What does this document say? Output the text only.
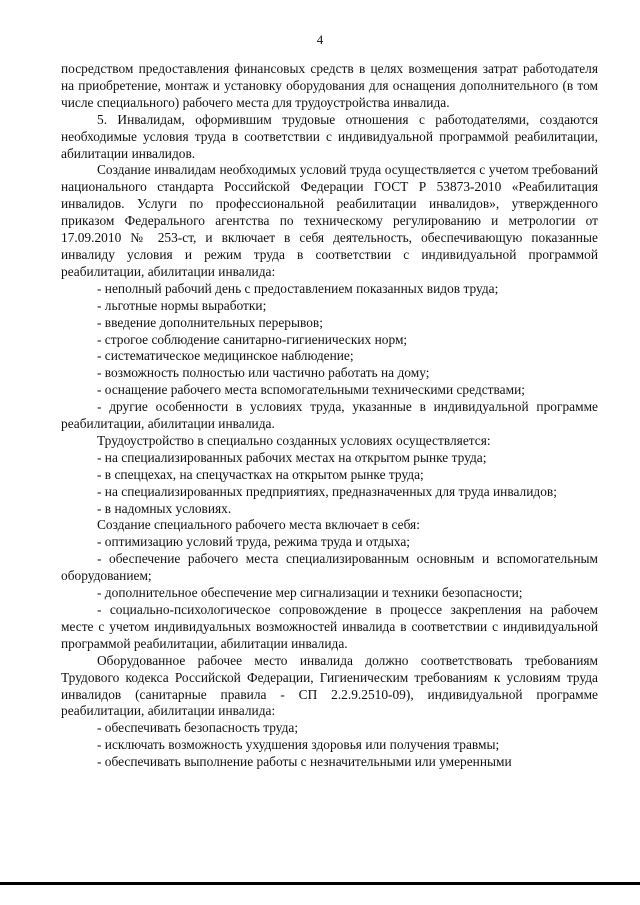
4

посредством предоставления финансовых средств в целях возмещения затрат работодателя на приобретение, монтаж и установку оборудования для оснащения дополнительного (в том числе специального) рабочего места для трудоустройства инвалида.

5. Инвалидам, оформившим трудовые отношения с работодателями, создаются необходимые условия труда в соответствии с индивидуальной программой реабилитации, абилитации инвалидов.

Создание инвалидам необходимых условий труда осуществляется с учетом требований национального стандарта Российской Федерации ГОСТ Р 53873-2010 «Реабилитация инвалидов. Услуги по профессиональной реабилитации инвалидов», утвержденного приказом Федерального агентства по техническому регулированию и метрологии от 17.09.2010 № 253-ст, и включает в себя деятельность, обеспечивающую показанные инвалиду условия и режим труда в соответствии с индивидуальной программой реабилитации, абилитации инвалида:

- неполный рабочий день с предоставлением показанных видов труда;

- льготные нормы выработки;

- введение дополнительных перерывов;

- строгое соблюдение санитарно-гигиенических норм;

- систематическое медицинское наблюдение;

- возможность полностью или частично работать на дому;

- оснащение рабочего места вспомогательными техническими средствами;

- другие особенности в условиях труда, указанные в индивидуальной программе реабилитации, абилитации инвалида.

Трудоустройство в специально созданных условиях осуществляется:

- на специализированных рабочих местах на открытом рынке труда;

- в спеццехах, на спецучастках на открытом рынке труда;

- на специализированных предприятиях, предназначенных для труда инвалидов;

- в надомных условиях.

Создание специального рабочего места включает в себя:

- оптимизацию условий труда, режима труда и отдыха;

- обеспечение рабочего места специализированным основным и вспомогательным оборудованием;

- дополнительное обеспечение мер сигнализации и техники безопасности;

- социально-психологическое сопровождение в процессе закрепления на рабочем месте с учетом индивидуальных возможностей инвалида в соответствии с индивидуальной программой реабилитации, абилитации инвалида.

Оборудованное рабочее место инвалида должно соответствовать требованиям Трудового кодекса Российской Федерации, Гигиеническим требованиям к условиям труда инвалидов (санитарные правила - СП 2.2.9.2510-09), индивидуальной программе реабилитации, абилитации инвалида:

- обеспечивать безопасность труда;

- исключать возможность ухудшения здоровья или получения травмы;

- обеспечивать выполнение работы с незначительными или умеренными
